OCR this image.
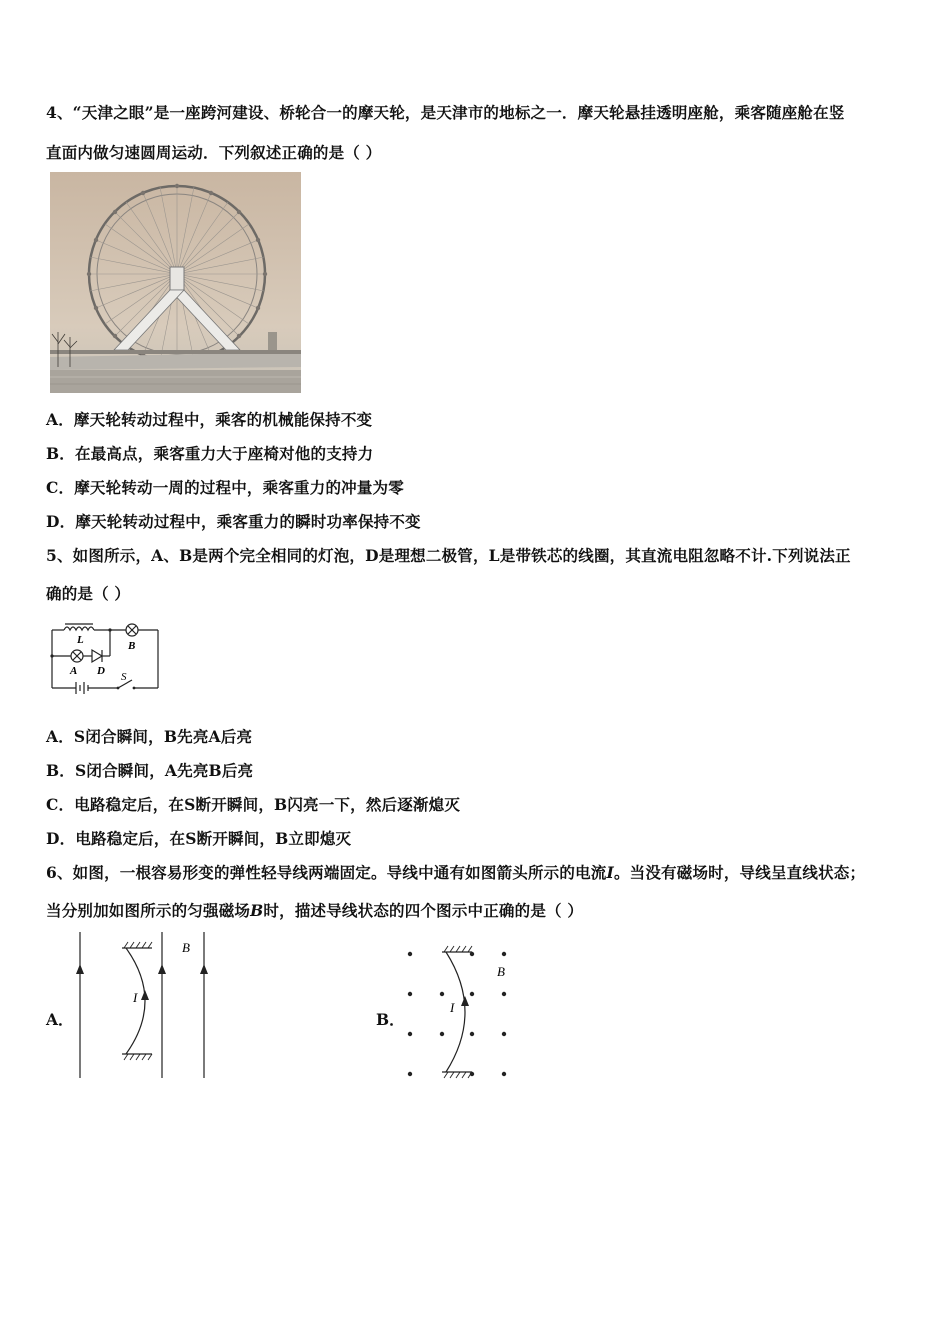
4、“天津之眼”是一座跨河建设、桥轮合一的摩天轮，是天津市的地标之一．摩天轮悬挂透明座舱，乘客随座舱在竖
直面内做匀速圆周运动．下列叙述正确的是（ ）
A．摩天轮转动过程中，乘客的机械能保持不变
B．在最高点，乘客重力大于座椅对他的支持力
C．摩天轮转动一周的过程中，乘客重力的冲量为零
D．摩天轮转动过程中，乘客重力的瞬时功率保持不变
5、如图所示，A、B是两个完全相同的灯泡，D是理想二极管，L是带铁芯的线圈，其直流电阻忽略不计.下列说法正
确的是（ ）
L
A D
B
S
A．S闭合瞬间，B先亮A后亮
B．S闭合瞬间，A先亮B后亮
C．电路稳定后，在S断开瞬间，B闪亮一下，然后逐渐熄灭
D．电路稳定后，在S断开瞬间，B立即熄灭
6、如图，一根容易形变的弹性轻导线两端固定。导线中通有如图箭头所示的电流I。当没有磁场时，导线呈直线状态；
当分别加如图所示的匀强磁场B时，描述导线状态的四个图示中正确的是（ ）
A．
I
B
B．
I
B
